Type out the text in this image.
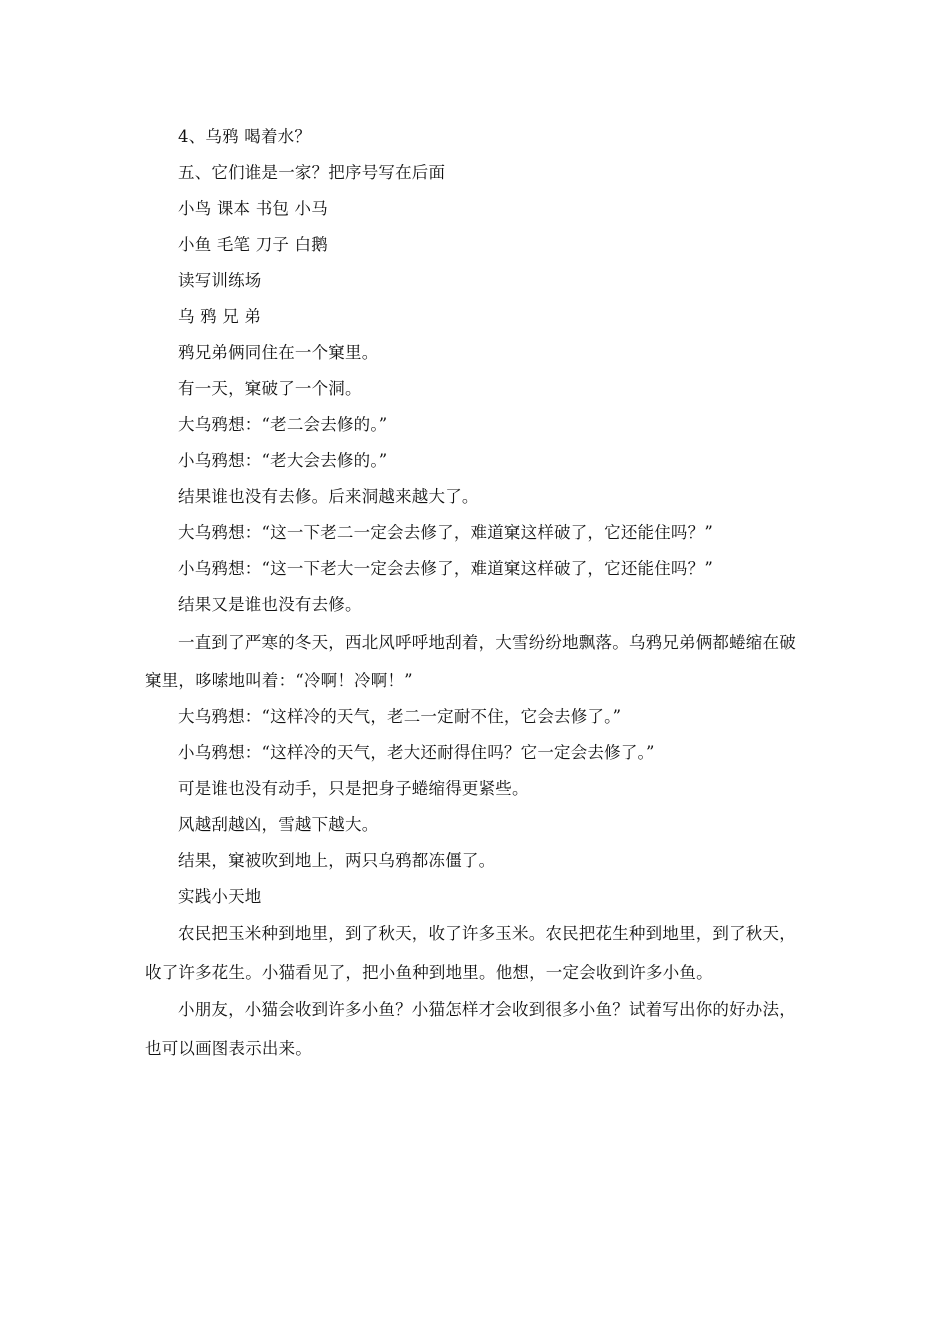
4、乌鸦 喝着水？
五、它们谁是一家？把序号写在后面
小鸟 课本 书包 小马
小鱼 毛笔 刀子 白鹅
读写训练场
乌 鸦 兄 弟
鸦兄弟俩同住在一个窠里。
有一天，窠破了一个洞。
大乌鸦想：“老二会去修的。”
小乌鸦想：“老大会去修的。”
结果谁也没有去修。后来洞越来越大了。
大乌鸦想：“这一下老二一定会去修了，难道窠这样破了，它还能住吗？”
小乌鸦想：“这一下老大一定会去修了，难道窠这样破了，它还能住吗？”
结果又是谁也没有去修。
一直到了严寒的冬天，西北风呼呼地刮着，大雪纷纷地飘落。乌鸦兄弟俩都蜷缩在破
窠里，哆嗦地叫着：“冷啊！冷啊！”
大乌鸦想：“这样冷的天气，老二一定耐不住，它会去修了。”
小乌鸦想：“这样冷的天气，老大还耐得住吗？它一定会去修了。”
可是谁也没有动手，只是把身子蜷缩得更紧些。
风越刮越凶，雪越下越大。
结果，窠被吹到地上，两只乌鸦都冻僵了。
实践小天地
农民把玉米种到地里，到了秋天，收了许多玉米。农民把花生种到地里，到了秋天，
收了许多花生。小猫看见了，把小鱼种到地里。他想，一定会收到许多小鱼。
小朋友，小猫会收到许多小鱼？小猫怎样才会收到很多小鱼？试着写出你的好办法，
也可以画图表示出来。
